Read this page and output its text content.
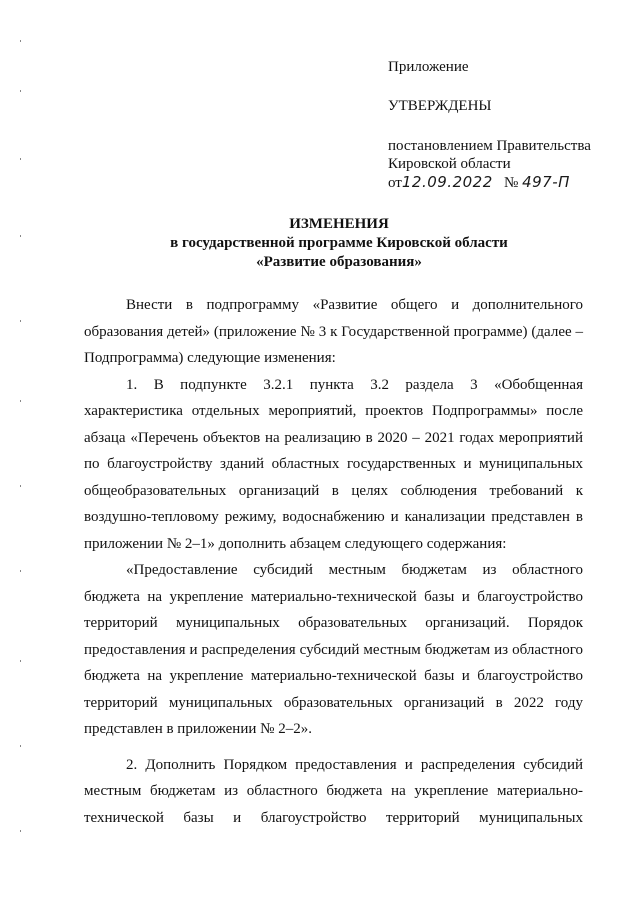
Приложение
УТВЕРЖДЕНЫ
постановлением Правительства
Кировской области
от12.09.2022 № 497-П
ИЗМЕНЕНИЯ
в государственной программе Кировской области
«Развитие образования»

Внести в подпрограмму «Развитие общего и дополнительного образования детей» (приложение № 3 к Государственной программе) (далее – Подпрограмма) следующие изменения:

1. В подпункте 3.2.1 пункта 3.2 раздела 3 «Обобщенная характеристика отдельных мероприятий, проектов Подпрограммы» после абзаца «Перечень объектов на реализацию в 2020 – 2021 годах мероприятий по благоустройству зданий областных государственных и муниципальных общеобразовательных организаций в целях соблюдения требований к воздушно-тепловому режиму, водоснабжению и канализации представлен в приложении № 2–1» дополнить абзацем следующего содержания:

«Предоставление субсидий местным бюджетам из областного бюджета на укрепление материально-технической базы и благоустройство территорий муниципальных образовательных организаций. Порядок предоставления и распределения субсидий местным бюджетам из областного бюджета на укрепление материально-технической базы и благоустройство территорий муниципальных образовательных организаций в 2022 году представлен в приложении № 2–2».

2. Дополнить Порядком предоставления и распределения субсидий местным бюджетам из областного бюджета на укрепление материально-технической базы и благоустройство территорий муниципальных
